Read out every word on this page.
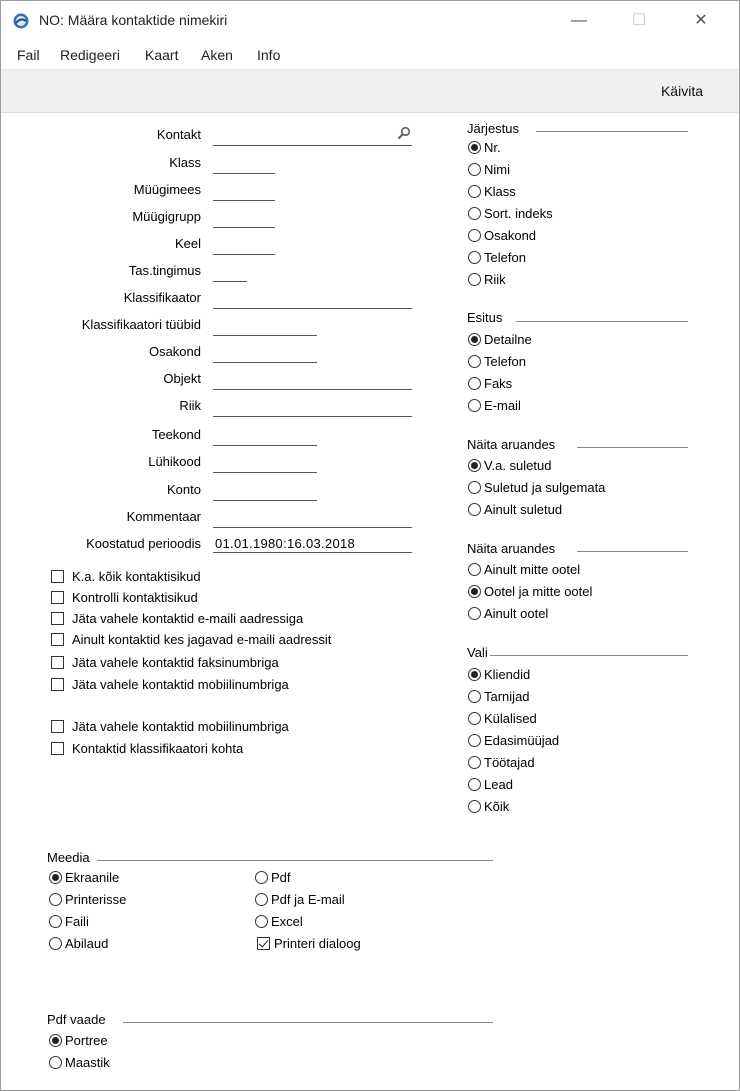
NO: Määra kontaktide nimekiri	—	☐	✕
Fail Redigeeri Kaart Aken Info
Käivita
Kontakt
Klass
Müügimees
Müügigrupp
Keel
Tas.tingimus
Klassifikaator
Klassifikaatori tüübid
Osakond
Objekt
Riik
Teekond
Lühikood
Konto
Kommentaar
Koostatud perioodis 01.01.1980:16.03.2018
K.a. kõik kontaktisikud
Kontrolli kontaktisikud
Jäta vahele kontaktid e-maili aadressiga
Ainult kontaktid kes jagavad e-maili aadressit
Jäta vahele kontaktid faksinumbriga
Jäta vahele kontaktid mobiilinumbriga
Jäta vahele kontaktid mobiilinumbriga
Kontaktid klassifikaatori kohta
Järjestus
Nr.
Nimi
Klass
Sort. indeks
Osakond
Telefon
Riik
Esitus
Detailne
Telefon
Faks
E-mail
Näita aruandes
V.a. suletud
Suletud ja sulgemata
Ainult suletud
Näita aruandes
Ainult mitte ootel
Ootel ja mitte ootel
Ainult ootel
Vali
Kliendid
Tarnijad
Külalised
Edasimüüjad
Töötajad
Lead
Kõik
Meedia
Ekraanile
Printerisse
Faili
Abilaud
Pdf
Pdf ja E-mail
Excel
Printeri dialoog
Pdf vaade
Portree
Maastik
